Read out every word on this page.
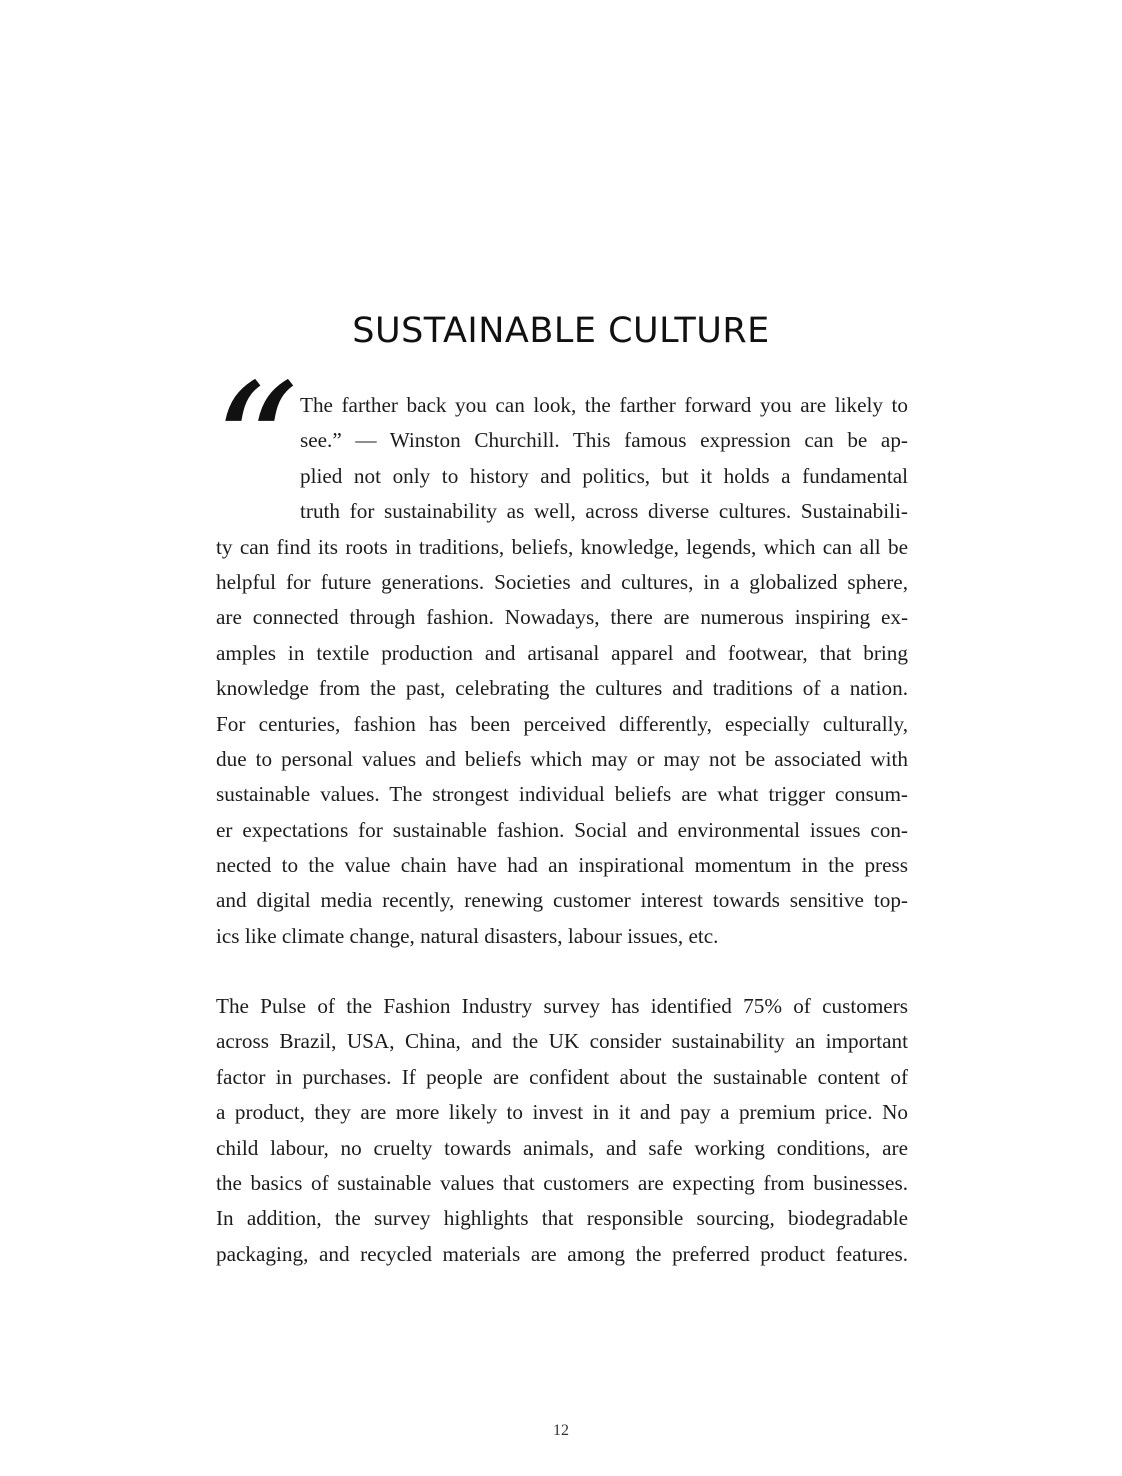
SUSTAINABLE CULTURE
“ The farther back you can look, the farther forward you are likely to
see.” — Winston Churchill. This famous expression can be ap-
plied not only to history and politics, but it holds a fundamental
truth for sustainability as well, across diverse cultures. Sustainabili-
ty can find its roots in traditions, beliefs, knowledge, legends, which can all be
helpful for future generations. Societies and cultures, in a globalized sphere,
are connected through fashion. Nowadays, there are numerous inspiring ex-
amples in textile production and artisanal apparel and footwear, that bring
knowledge from the past, celebrating the cultures and traditions of a nation.
For centuries, fashion has been perceived differently, especially culturally,
due to personal values and beliefs which may or may not be associated with
sustainable values. The strongest individual beliefs are what trigger consum-
er expectations for sustainable fashion. Social and environmental issues con-
nected to the value chain have had an inspirational momentum in the press
and digital media recently, renewing customer interest towards sensitive top-
ics like climate change, natural disasters, labour issues, etc.
The Pulse of the Fashion Industry survey has identified 75% of customers
across Brazil, USA, China, and the UK consider sustainability an important
factor in purchases. If people are confident about the sustainable content of
a product, they are more likely to invest in it and pay a premium price. No
child labour, no cruelty towards animals, and safe working conditions, are
the basics of sustainable values that customers are expecting from businesses.
In addition, the survey highlights that responsible sourcing, biodegradable
packaging, and recycled materials are among the preferred product features.
12
